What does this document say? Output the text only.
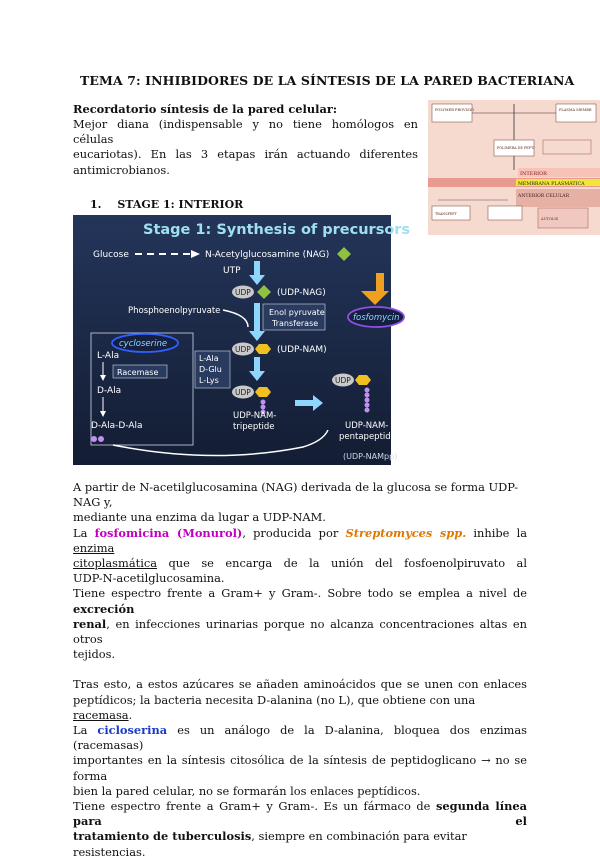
TEMA 7: INHIBIDORES DE LA SÍNTESIS DE LA PARED BACTERIANA
Recordatorio síntesis de la pared celular:
Mejor diana (indispensable y no tiene homólogos en células
eucariotas). En las 3 etapas irán actuando diferentes
antimicrobianos.
POLYMER PROVISIÓ	PLASMA MEMBR
POLIMERA DE PEPTI
INTERIOR
MEMBRANA PLASMÁTICA
ANTERIOR CELULAR
TRANSPEPT
AUTOLIS
1. STAGE 1: INTERIOR
Stage 1: Synthesis of precursors
Glucose	N-Acetylglucosamine (NAG)
UTP
UDP	(UDP-NAG)
fosfomycin
Phosphoenolpyruvate	Enol pyruvate
Transferase
cycloserine
L-Ala
Racemase
D-Ala
D-Ala-D-Ala
UDP	(UDP-NAM)
L-Ala
D-Glu
L-Lys
UDP
UDP-NAM-
tripeptide
UDP
UDP-NAM-
pentapeptide
(UDP-NAMpp)
A partir de N-acetilglucosamina (NAG) derivada de la glucosa se forma UDP-NAG y,
mediante una enzima da lugar a UDP-NAM.
La fosfomicina (Monurol), producida por Streptomyces spp. inhibe la enzima
citoplasmática que se encarga de la unión del fosfoenolpiruvato al
UDP-N-acetilglucosamina.
Tiene espectro frente a Gram+ y Gram-. Sobre todo se emplea a nivel de excreción
renal, en infecciones urinarias porque no alcanza concentraciones altas en otros
tejidos.
Tras esto, a estos azúcares se añaden aminoácidos que se unen con enlaces
peptídicos; la bacteria necesita D-alanina (no L), que obtiene con una racemasa.
La cicloserina es un análogo de la D-alanina, bloquea dos enzimas (racemasas)
importantes en la síntesis citosólica de la síntesis de peptidoglicano → no se forma
bien la pared celular, no se formarán los enlaces peptídicos.
Tiene espectro frente a Gram+ y Gram-. Es un fármaco de segunda línea para el
tratamiento de tuberculosis, siempre en combinación para evitar resistencias.
